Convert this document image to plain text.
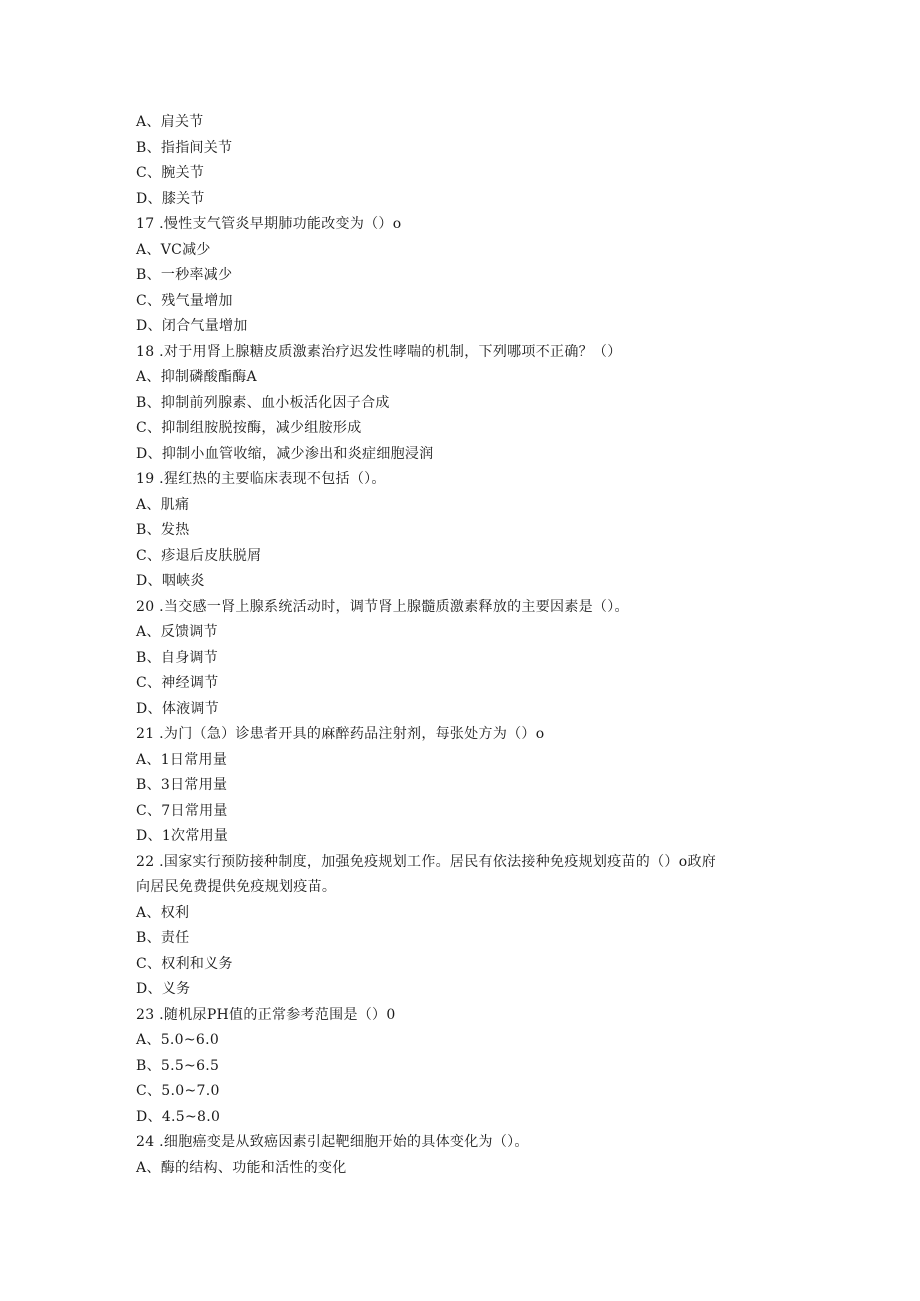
A、肩关节
B、指指间关节
C、腕关节
D、膝关节
17 .慢性支气管炎早期肺功能改变为（）o
A、VC减少
B、一秒率减少
C、残气量增加
D、闭合气量增加
18 .对于用肾上腺糖皮质激素治疗迟发性哮喘的机制，下列哪项不正确？（）
A、抑制磷酸酯酶A
B、抑制前列腺素、血小板活化因子合成
C、抑制组胺脱按酶，减少组胺形成
D、抑制小血管收缩，减少渗出和炎症细胞浸润
19 .猩红热的主要临床表现不包括（）。
A、肌痛
B、发热
C、疹退后皮肤脱屑
D、咽峡炎
20 .当交感一肾上腺系统活动时，调节肾上腺髓质激素释放的主要因素是（）。
A、反馈调节
B、自身调节
C、神经调节
D、体液调节
21 .为门（急）诊患者开具的麻醉药品注射剂，每张处方为（）o
A、1日常用量
B、3日常用量
C、7日常用量
D、1次常用量
22 .国家实行预防接种制度，加强免疫规划工作。居民有依法接种免疫规划疫苗的（）o政府
向居民免费提供免疫规划疫苗。
A、权利
B、责任
C、权利和义务
D、义务
23 .随机尿PH值的正常参考范围是（）0
A、5.0~6.0
B、5.5~6.5
C、5.0~7.0
D、4.5~8.0
24 .细胞癌变是从致癌因素引起靶细胞开始的具体变化为（）。
A、酶的结构、功能和活性的变化
